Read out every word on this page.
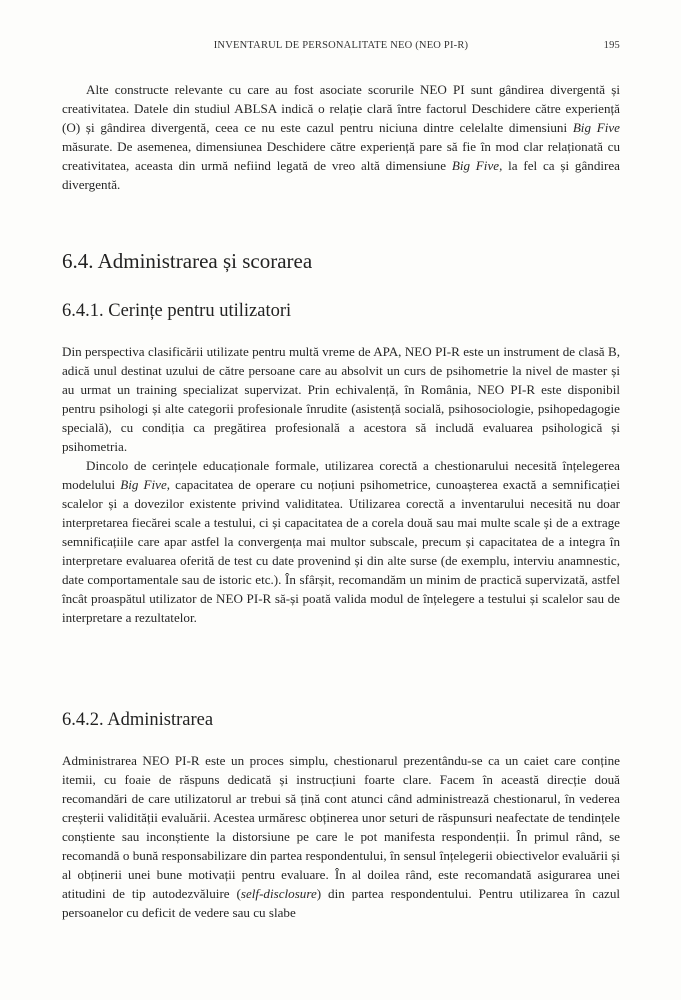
INVENTARUL DE PERSONALITATE NEO (NEO PI-R)	195

Alte constructe relevante cu care au fost asociate scorurile NEO PI sunt gândirea divergentă și creativitatea. Datele din studiul ABLSA indică o relație clară între factorul Deschidere către experiență (O) și gândirea divergentă, ceea ce nu este cazul pentru niciuna dintre celelalte dimensiuni Big Five măsurate. De asemenea, dimensiunea Deschidere către experiență pare să fie în mod clar relaționată cu creativitatea, aceasta din urmă nefiind legată de vreo altă dimensiune Big Five, la fel ca și gândirea divergentă.

6.4. Administrarea și scorarea
6.4.1. Cerințe pentru utilizatori

Din perspectiva clasificării utilizate pentru multă vreme de APA, NEO PI-R este un instrument de clasă B, adică unul destinat uzului de către persoane care au absolvit un curs de psihometrie la nivel de master și au urmat un training specializat supervizat. Prin echivalență, în România, NEO PI-R este disponibil pentru psihologi și alte categorii profesionale înrudite (asistență socială, psihosociologie, psihopedagogie specială), cu condiția ca pregătirea profesională a acestora să includă evaluarea psihologică și psihometria.

Dincolo de cerințele educaționale formale, utilizarea corectă a chestionarului necesită înțelegerea modelului Big Five, capacitatea de operare cu noțiuni psihometrice, cunoașterea exactă a semnificației scalelor și a dovezilor existente privind validitatea. Utilizarea corectă a inventarului necesită nu doar interpretarea fiecărei scale a testului, ci și capacitatea de a corela două sau mai multe scale și de a extrage semnificațiile care apar astfel la convergența mai multor subscale, precum și capacitatea de a integra în interpretare evaluarea oferită de test cu date provenind și din alte surse (de exemplu, interviu anamnestic, date comportamentale sau de istoric etc.). În sfârșit, recomandăm un minim de practică supervizată, astfel încât proaspătul utilizator de NEO PI-R să-și poată valida modul de înțelegere a testului și scalelor sau de interpretare a rezultatelor.

6.4.2. Administrarea

Administrarea NEO PI-R este un proces simplu, chestionarul prezentându-se ca un caiet care conține itemii, cu foaie de răspuns dedicată și instrucțiuni foarte clare. Facem în această direcție două recomandări de care utilizatorul ar trebui să țină cont atunci când administrează chestionarul, în vederea creșterii validității evaluării. Acestea urmăresc obținerea unor seturi de răspunsuri neafectate de tendințele conștiente sau inconștiente la distorsiune pe care le pot manifesta respondenții. În primul rând, se recomandă o bună responsabilizare din partea respondentului, în sensul înțelegerii obiectivelor evaluării și al obținerii unei bune motivații pentru evaluare. În al doilea rând, este recomandată asigurarea unei atitudini de tip autodezvăluire (self-disclosure) din partea respondentului. Pentru utilizarea în cazul persoanelor cu deficit de vedere sau cu slabe
